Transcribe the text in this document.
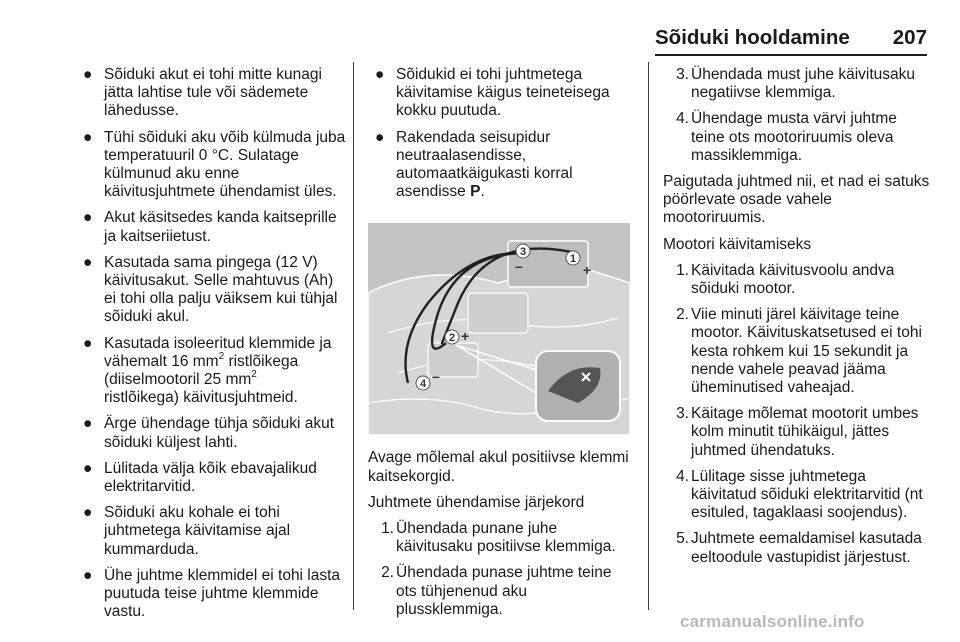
Sõiduki hooldamine 207
● Sõiduki akut ei tohi mitte kunagi jätta lahtise tule või sädemete lähedusse.
● Tühi sõiduki aku võib külmuda juba temperatuuril 0 °C. Sulatage külmunud aku enne käivitusjuhtmete ühendamist üles.
● Akut käsitsedes kanda kaitseprille ja kaitseriietust.
● Kasutada sama pingega (12 V) käivitusakut. Selle mahtuvus (Ah) ei tohi olla palju väiksem kui tühjal sõiduki akul.
● Kasutada isoleeritud klemmide ja vähemalt 16 $mm^2$ ristlõikega (diiselmootoril 25 $mm^2$
ristlõikega) käivitusjuhtmeid.
● Ärge ühendage tühja sõiduki akut sõiduki küljest lahti.
● Lülitada välja kõik ebavajalikud elektritarvitid.
● Sõiduki aku kohale ei tohi juhtmetega käivitamise ajal kummarduda.
● Ühe juhtme klemmidel ei tohi lasta puutuda teise juhtme klemmide vastu.
● Sõidukid ei tohi juhtmetega käivitamise käigus teineteisega kokku puutuda.
● Rakendada seisupidur neutraalasendisse, automaatkäigukasti korral asendisse P.
1
+
3
–
2 +
4 –

Avage mõlemal akul positiivse klemmi kaitsekorgid.

Juhtmete ühendamise järjekord

1. Ühendada punane juhe käivitusaku positiivse klemmiga.
2. Ühendada punase juhtme teine ots tühjenenud aku plussklemmiga.
3. Ühendada must juhe käivitusaku negatiivse klemmiga.
4. Ühendage musta värvi juhtme teine ots mootoriruumis oleva massiklemmiga.

Paigutada juhtmed nii, et nad ei satuks pöörlevate osade vahele mootoriruumis.

Mootori käivitamiseks

1. Käivitada käivitusvoolu andva sõiduki mootor.
2. Viie minuti järel käivitage teine mootor. Käivituskatsetused ei tohi kesta rohkem kui 15 sekundit ja nende vahele peavad jääma üheminutised vaheajad.
3. Käitage mõlemat mootorit umbes kolm minutit tühikäigul, jättes juhtmed ühendatuks.
4. Lülitage sisse juhtmetega käivitatud sõiduki elektritarvitid (nt esituled, tagaklaasi soojendus).
5. Juhtmete eemaldamisel kasutada eeltoodule vastupidist järjestust.
carmanualsonline.info
